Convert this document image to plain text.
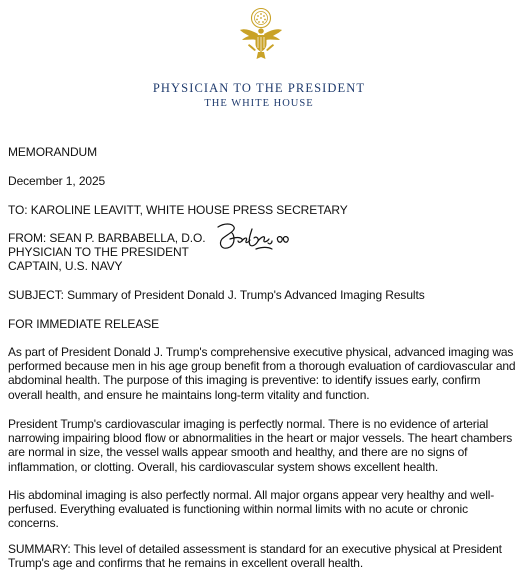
PHYSICIAN TO THE PRESIDENT
THE WHITE HOUSE
MEMORANDUM
December 1, 2025
TO: KAROLINE LEAVITT, WHITE HOUSE PRESS SECRETARY
FROM: SEAN P. BARBABELLA, D.O.
PHYSICIAN TO THE PRESIDENT
CAPTAIN, U.S. NAVY
SUBJECT: Summary of President Donald J. Trump's Advanced Imaging Results
FOR IMMEDIATE RELEASE
As part of President Donald J. Trump's comprehensive executive physical, advanced imaging was performed because men in his age group benefit from a thorough evaluation of cardiovascular and abdominal health. The purpose of this imaging is preventive: to identify issues early, confirm overall health, and ensure he maintains long-term vitality and function.
President Trump's cardiovascular imaging is perfectly normal. There is no evidence of arterial narrowing impairing blood flow or abnormalities in the heart or major vessels. The heart chambers are normal in size, the vessel walls appear smooth and healthy, and there are no signs of inflammation, or clotting. Overall, his cardiovascular system shows excellent health.
His abdominal imaging is also perfectly normal. All major organs appear very healthy and well-perfused. Everything evaluated is functioning within normal limits with no acute or chronic concerns.
SUMMARY: This level of detailed assessment is standard for an executive physical at President Trump's age and confirms that he remains in excellent overall health.
